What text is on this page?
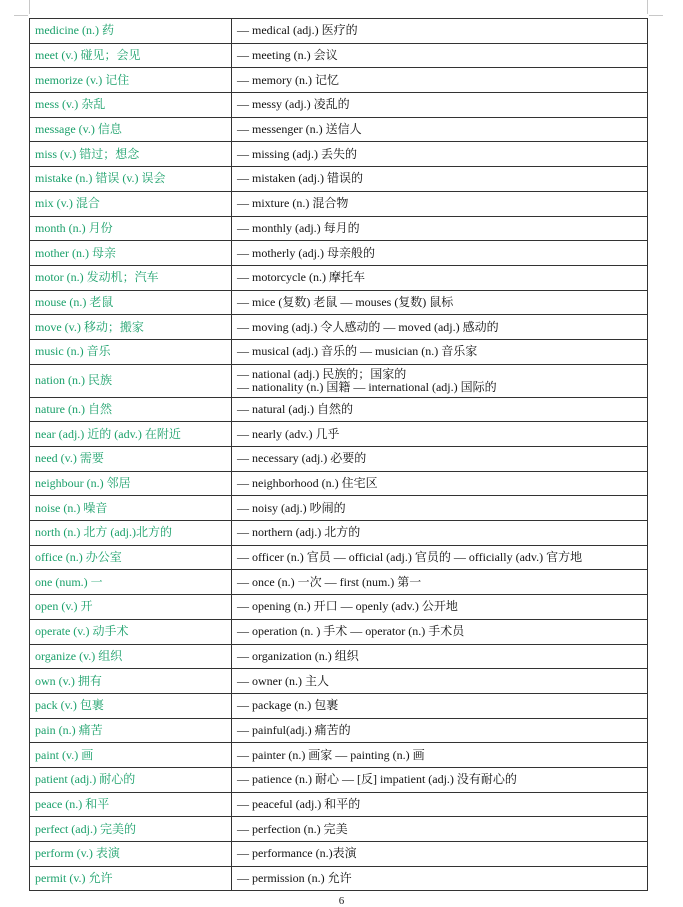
medicine (n.) 药	— medical (adj.) 医疗的

meet (v.) 碰见；会见	— meeting (n.) 会议

memorize (v.) 记住	— memory (n.) 记忆

mess (v.) 杂乱	— messy (adj.) 凌乱的

message (v.) 信息	— messenger (n.) 送信人

miss (v.) 错过；想念	— missing (adj.) 丢失的

mistake (n.) 错误 (v.) 误会	— mistaken (adj.) 错误的

mix (v.) 混合	— mixture (n.) 混合物

month (n.) 月份	— monthly (adj.) 每月的

mother (n.) 母亲	— motherly (adj.) 母亲般的

motor (n.) 发动机；汽车	— motorcycle (n.) 摩托车

mouse (n.) 老鼠	— mice (复数) 老鼠 — mouses (复数) 鼠标

move (v.) 移动；搬家	— moving (adj.) 令人感动的 — moved (adj.) 感动的

music (n.) 音乐	— musical (adj.) 音乐的 — musician (n.) 音乐家

nation (n.) 民族	— national (adj.) 民族的；国家的
— nationality (n.) 国籍 — international (adj.) 国际的

nature (n.) 自然	— natural (adj.) 自然的

near (adj.) 近的 (adv.) 在附近	— nearly (adv.) 几乎

need (v.) 需要	— necessary (adj.) 必要的

neighbour (n.) 邻居	— neighborhood (n.) 住宅区

noise (n.) 噪音	— noisy (adj.) 吵闹的

north (n.) 北方 (adj.)北方的	— northern (adj.) 北方的

office (n.) 办公室	— officer (n.) 官员 — official (adj.) 官员的 — officially (adv.) 官方地

one (num.) 一	— once (n.) 一次 — first (num.) 第一

open (v.) 开	— opening (n.) 开口 — openly (adv.) 公开地

operate (v.) 动手术	— operation (n. ) 手术 — operator (n.) 手术员

organize (v.) 组织	— organization (n.) 组织

own (v.) 拥有	— owner (n.) 主人

pack (v.) 包裹	— package (n.) 包裹

pain (n.) 痛苦	— painful(adj.) 痛苦的

paint (v.) 画	— painter (n.) 画家 — painting (n.) 画

patient (adj.) 耐心的	— patience (n.) 耐心 — [反] impatient (adj.) 没有耐心的

peace (n.) 和平	— peaceful (adj.) 和平的

perfect (adj.) 完美的	— perfection (n.) 完美

perform (v.) 表演	— performance (n.)表演

permit (v.) 允许	— permission (n.) 允许
6
